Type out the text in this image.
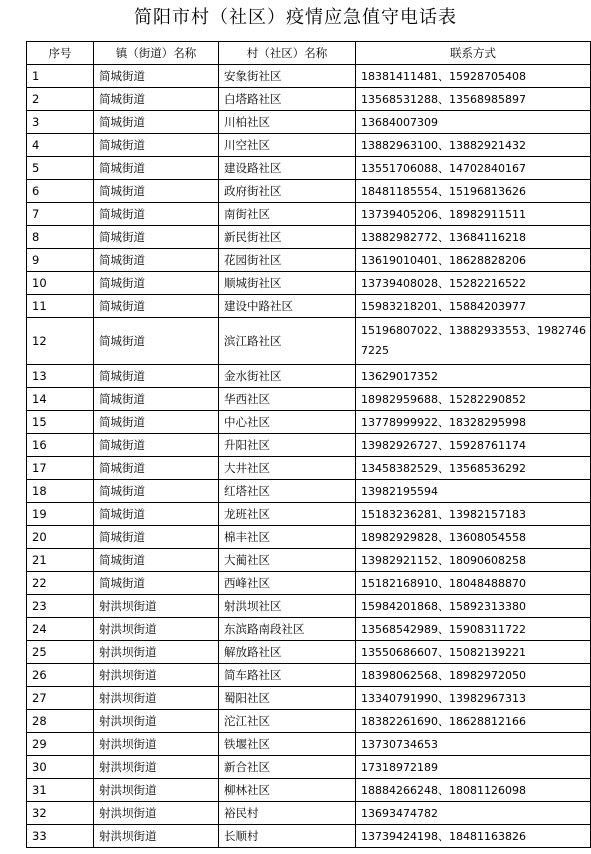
简阳市村（社区）疫情应急值守电话表
序号	镇（街道）名称	村（社区）名称	联系方式
1	简城街道	安象街社区	18381411481、15928705408
2	简城街道	白塔路社区	13568531288、13568985897
3	简城街道	川柏社区	13684007309
4	简城街道	川空社区	13882963100、13882921432
5	简城街道	建设路社区	13551706088、14702840167
6	简城街道	政府街社区	18481185554、15196813626
7	简城街道	南街社区	13739405206、18982911511
8	简城街道	新民街社区	13882982772、13684116218
9	简城街道	花园街社区	13619010401、18628828206
10	简城街道	顺城街社区	13739408028、15282216522
11	简城街道	建设中路社区	15983218201、15884203977
12	简城街道	滨江路社区	15196807022、13882933553、19827467225
13	简城街道	金水街社区	13629017352
14	简城街道	华西社区	18982959688、15282290852
15	简城街道	中心社区	13778999922、18328295998
16	简城街道	升阳社区	13982926727、15928761174
17	简城街道	大井社区	13458382529、13568536292
18	简城街道	红塔社区	13982195594
19	简城街道	龙班社区	15183236281、13982157183
20	简城街道	棉丰社区	18982929828、13608054558
21	简城街道	大蔺社区	13982921152、18090608258
22	简城街道	西峰社区	15182168910、18048488870
23	射洪坝街道	射洪坝社区	15984201868、15892313380
24	射洪坝街道	东滨路南段社区	13568542989、15908311722
25	射洪坝街道	解放路社区	13550686607、15082139221
26	射洪坝街道	简车路社区	18398062568、18982972050
27	射洪坝街道	蜀阳社区	13340791990、13982967313
28	射洪坝街道	沱江社区	18382261690、18628812166
29	射洪坝街道	铁堰社区	13730734653
30	射洪坝街道	新合社区	17318972189
31	射洪坝街道	柳林社区	18884266248、18081126098
32	射洪坝街道	裕民村	13693474782
33	射洪坝街道	长顺村	13739424198、18481163826
